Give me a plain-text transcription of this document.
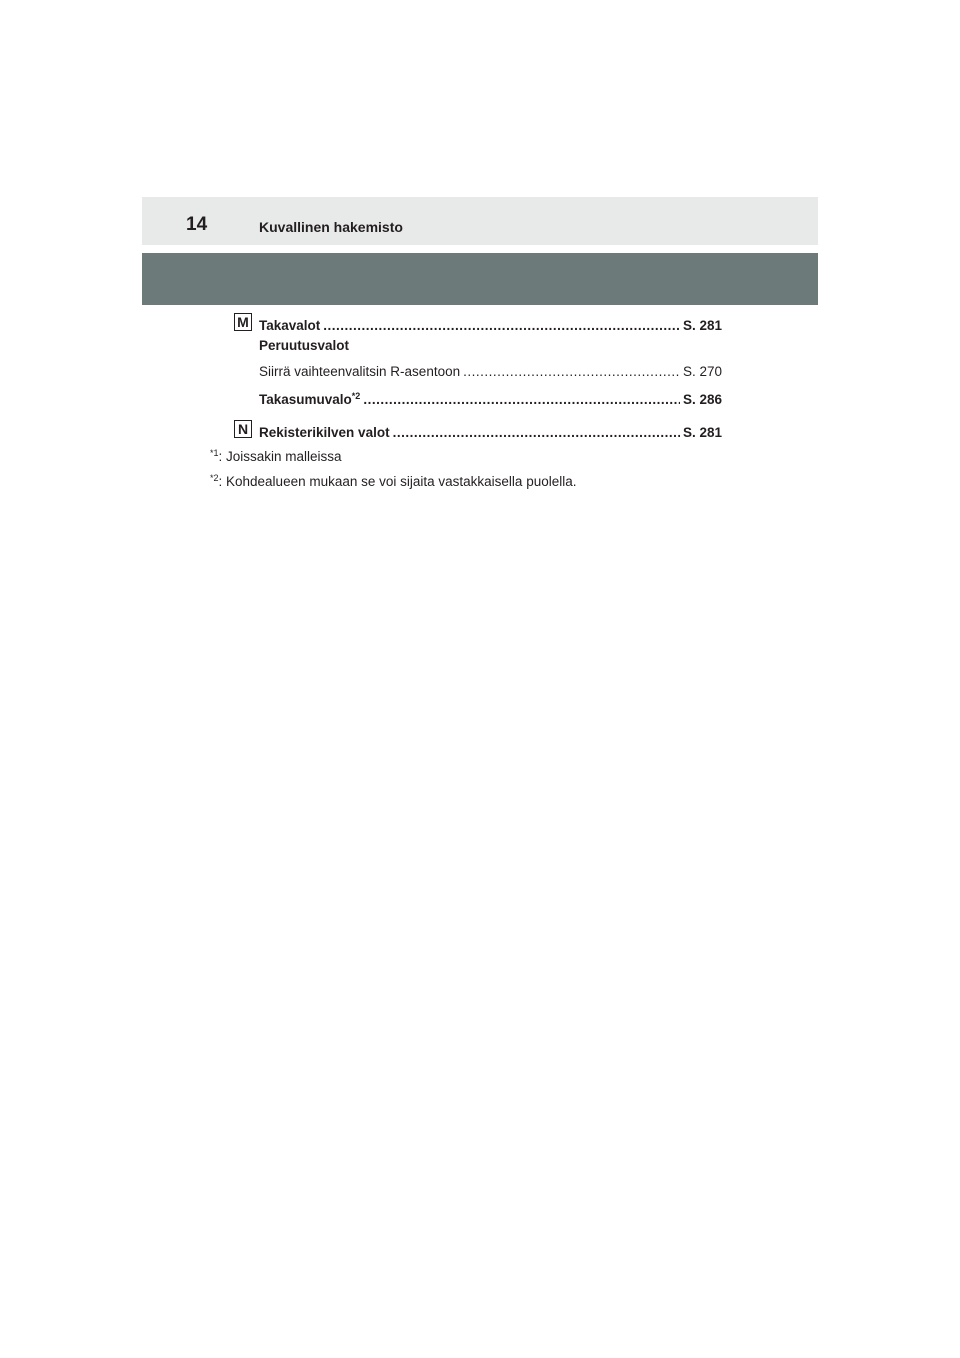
14	Kuvallinen hakemisto
M Takavalot .....	S. 281
Peruutusvalot
Siirrä vaihteenvalitsin R-asentoon .....	S. 270
Takasumuvalo$^{*2}$ .....	S. 286
N Rekisterikilven valot .....	S. 281
$^{*1}$: Joissakin malleissa
$^{*2}$: Kohdealueen mukaan se voi sijaita vastakkaisella puolella.
